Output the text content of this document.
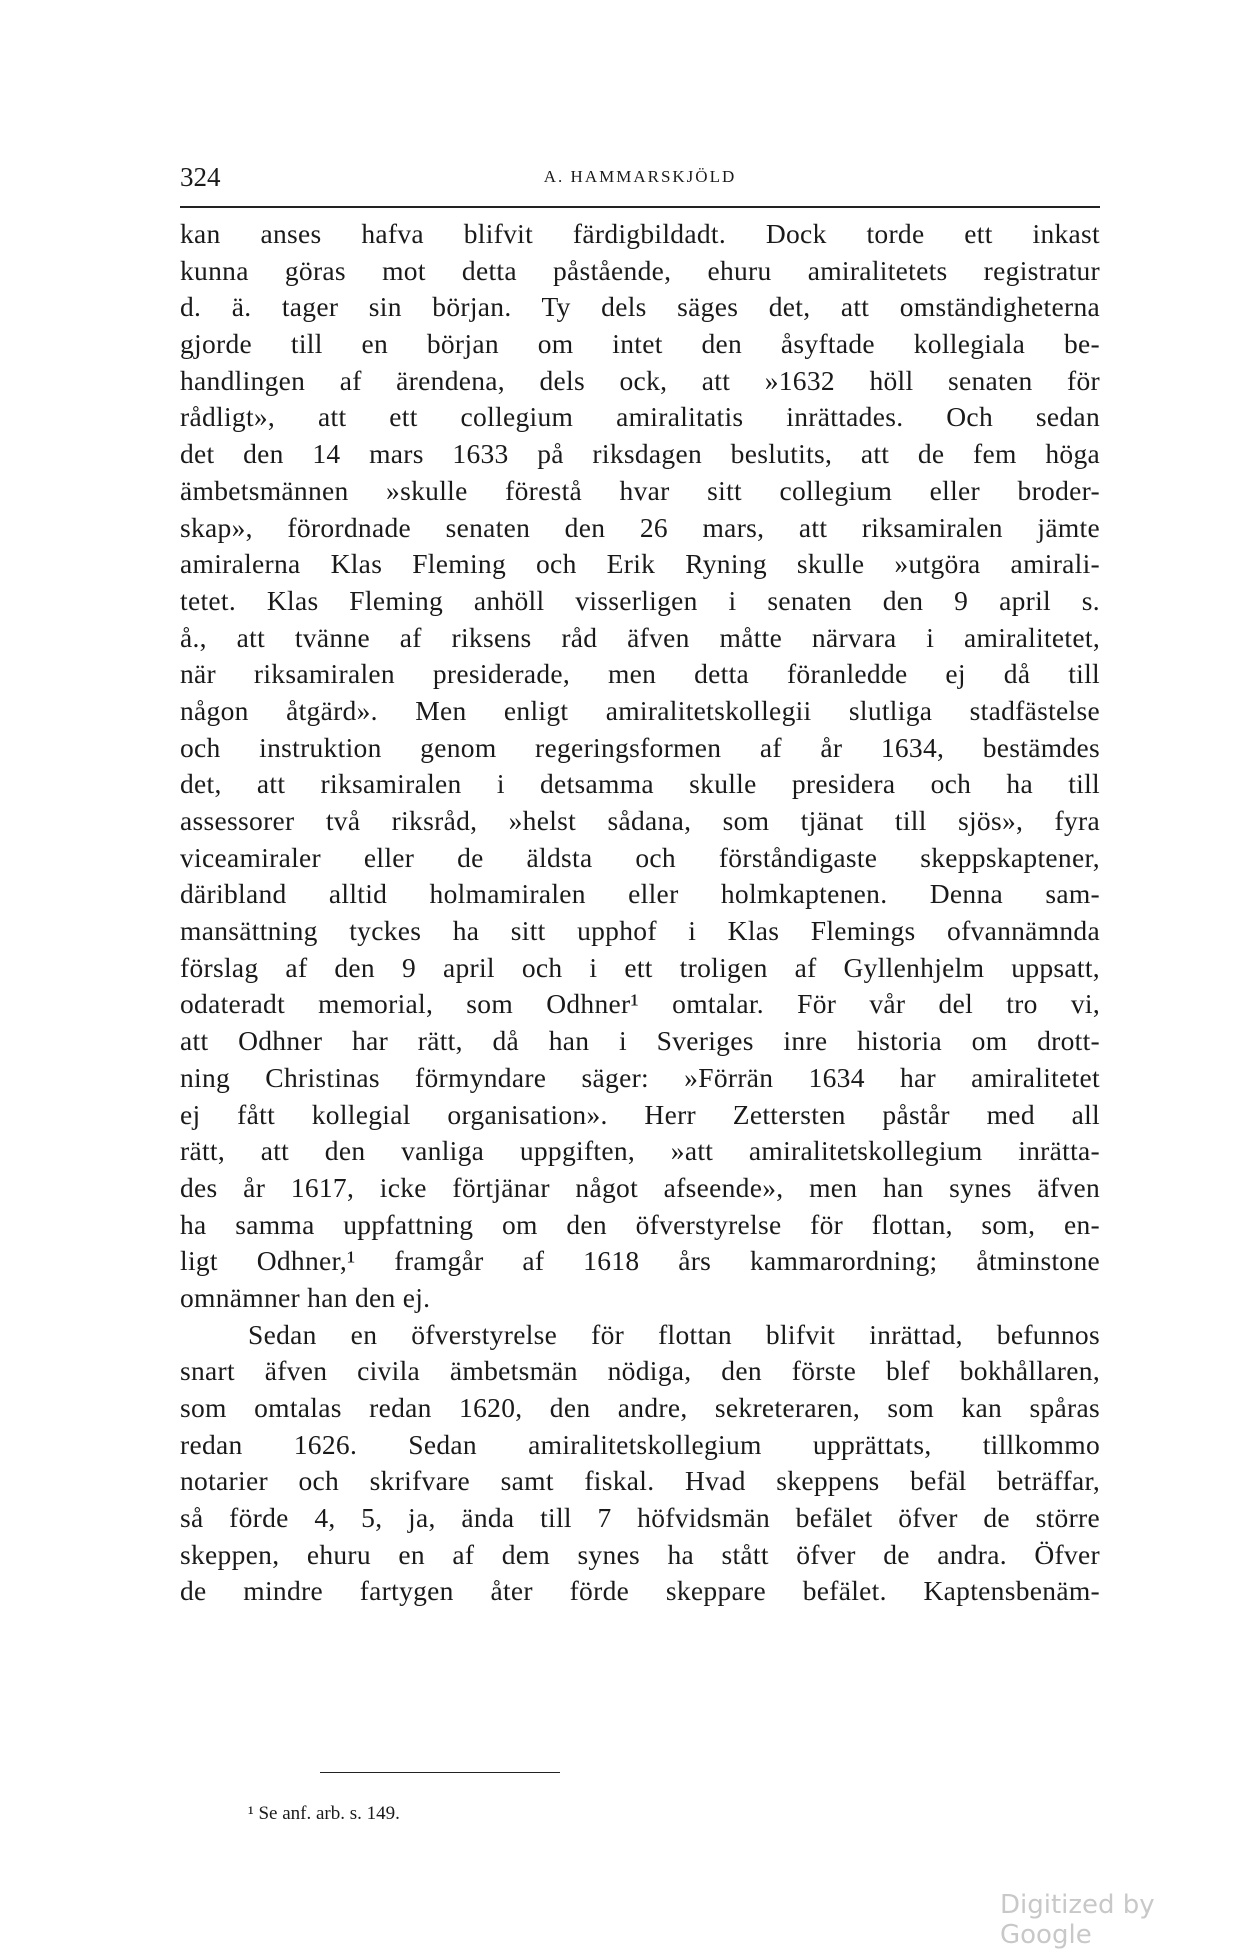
324	A. HAMMARSKJÖLD
kan anses hafva blifvit färdigbildadt. Dock torde ett inkast
kunna göras mot detta påstående, ehuru amiralitetets registratur
d. ä. tager sin början. Ty dels säges det, att omständigheterna
gjorde till en början om intet den åsyftade kollegiala be-
handlingen af ärendena, dels ock, att »1632 höll senaten för
rådligt», att ett collegium amiralitatis inrättades. Och sedan
det den 14 mars 1633 på riksdagen beslutits, att de fem höga
ämbetsmännen »skulle förestå hvar sitt collegium eller broder-
skap», förordnade senaten den 26 mars, att riksamiralen jämte
amiralerna Klas Fleming och Erik Ryning skulle »utgöra amirali-
tetet. Klas Fleming anhöll visserligen i senaten den 9 april s.
å., att tvänne af riksens råd äfven måtte närvara i amiralitetet,
när riksamiralen presiderade, men detta föranledde ej då till
någon åtgärd». Men enligt amiralitetskollegii slutliga stadfästelse
och instruktion genom regeringsformen af år 1634, bestämdes
det, att riksamiralen i detsamma skulle presidera och ha till
assessorer två riksråd, »helst sådana, som tjänat till sjös», fyra
viceamiraler eller de äldsta och förståndigaste skeppskaptener,
däribland alltid holmamiralen eller holmkaptenen. Denna sam-
mansättning tyckes ha sitt upphof i Klas Flemings ofvannämnda
förslag af den 9 april och i ett troligen af Gyllenhjelm uppsatt,
odateradt memorial, som Odhner¹ omtalar. För vår del tro vi,
att Odhner har rätt, då han i Sveriges inre historia om drott-
ning Christinas förmyndare säger: »Förrän 1634 har amiralitetet
ej fått kollegial organisation». Herr Zettersten påstår med all
rätt, att den vanliga uppgiften, »att amiralitetskollegium inrätta-
des år 1617, icke förtjänar något afseende», men han synes äfven
ha samma uppfattning om den öfverstyrelse för flottan, som, en-
ligt Odhner,¹ framgår af 1618 års kammarordning; åtminstone
omnämner han den ej.
Sedan en öfverstyrelse för flottan blifvit inrättad, befunnos
snart äfven civila ämbetsmän nödiga, den förste blef bokhållaren,
som omtalas redan 1620, den andre, sekreteraren, som kan spåras
redan 1626. Sedan amiralitetskollegium upprättats, tillkommo
notarier och skrifvare samt fiskal. Hvad skeppens befäl beträffar,
så förde 4, 5, ja, ända till 7 höfvidsmän befälet öfver de större
skeppen, ehuru en af dem synes ha stått öfver de andra. Öfver
de mindre fartygen åter förde skeppare befälet. Kaptensbenäm-
¹ Se anf. arb. s. 149.
Digitized by Google
